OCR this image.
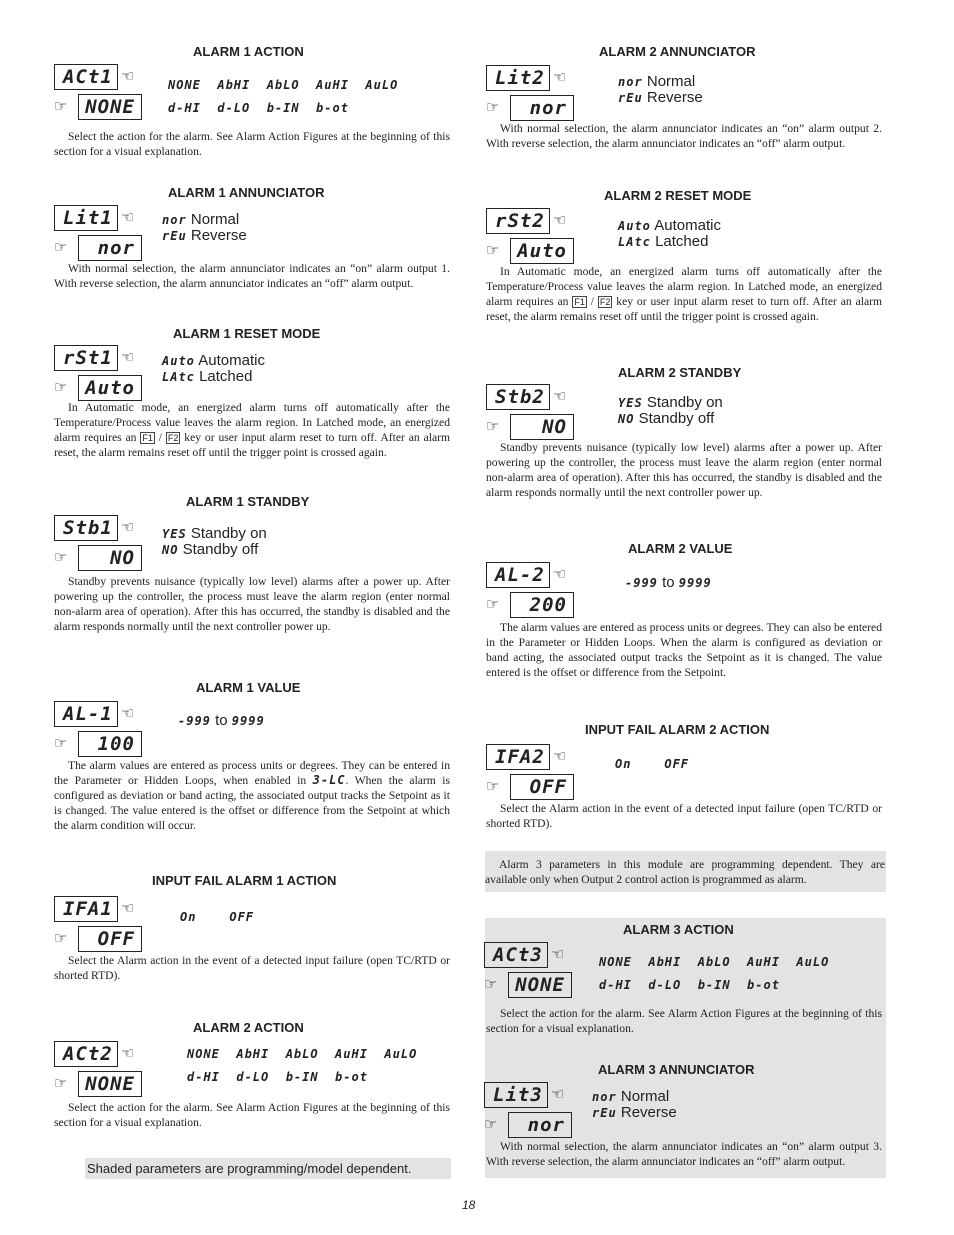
ALARM 1 ACTION
ACt1 ☜
☞ NONE
NONE  AbHI  AbLO  AuHI  AuLO
d-HI  d-LO  b-IN  b-ot
Select the action for the alarm. See Alarm Action Figures at the beginning of this section for a visual explanation.
ALARM 1 ANNUNCIATOR
Lit1 ☜
☞	nor
nor Normal
rEu Reverse
With normal selection, the alarm annunciator indicates an “on” alarm output 1. With reverse selection, the alarm annunciator indicates an “off” alarm output.
ALARM 1 RESET MODE
rSt1 ☜
☞ Auto
Auto Automatic
LAtc Latched
In Automatic mode, an energized alarm turns off automatically after the Temperature/Process value leaves the alarm region. In Latched mode, an energized alarm requires an F1 / F2 key or user input alarm reset to turn off. After an alarm reset, the alarm remains reset off until the trigger point is crossed again.
ALARM 1 STANDBY
Stb1 ☜
☞	NO
YES Standby on
NO Standby off
Standby prevents nuisance (typically low level) alarms after a power up. After powering up the controller, the process must leave the alarm region (enter normal non-alarm area of operation). After this has occurred, the standby is disabled and the alarm responds normally until the next controller power up.
ALARM 1 VALUE
AL-1 ☜
☞	100
-999 to 9999
The alarm values are entered as process units or degrees. They can be entered in the Parameter or Hidden Loops, when enabled in 3-LC. When the alarm is configured as deviation or band acting, the associated output tracks the Setpoint as it is changed. The value entered is the offset or difference from the Setpoint at which the alarm condition will occur.
INPUT FAIL ALARM 1 ACTION
IFA1 ☜
☞	OFF
On    OFF
Select the Alarm action in the event of a detected input failure (open TC/RTD or shorted RTD).
ALARM 2 ACTION
ACt2 ☜
☞ NONE
NONE  AbHI  AbLO  AuHI  AuLO
d-HI  d-LO  b-IN  b-ot
Select the action for the alarm. See Alarm Action Figures at the beginning of this section for a visual explanation.
Shaded parameters are programming/model dependent.
ALARM 2 ANNUNCIATOR
Lit2 ☜
☞	nor
nor Normal
rEu Reverse
With normal selection, the alarm annunciator indicates an “on” alarm output 2. With reverse selection, the alarm annunciator indicates an “off” alarm output.
ALARM 2 RESET MODE
rSt2 ☜
☞ Auto
Auto Automatic
LAtc Latched
In Automatic mode, an energized alarm turns off automatically after the Temperature/Process value leaves the alarm region. In Latched mode, an energized alarm requires an F1 / F2 key or user input alarm reset to turn off. After an alarm reset, the alarm remains reset off until the trigger point is crossed again.
ALARM 2 STANDBY
Stb2 ☜
☞	NO
YES Standby on
NO Standby off
Standby prevents nuisance (typically low level) alarms after a power up. After powering up the controller, the process must leave the alarm region (enter normal non-alarm area of operation). After this has occurred, the standby is disabled and the alarm responds normally until the next controller power up.
ALARM 2 VALUE
AL-2 ☜
☞	200
-999 to 9999
The alarm values are entered as process units or degrees. They can also be entered in the Parameter or Hidden Loops. When the alarm is configured as deviation or band acting, the associated output tracks the Setpoint as it is changed. The value entered is the offset or difference from the Setpoint.
INPUT FAIL ALARM 2 ACTION
IFA2 ☜
☞	OFF
On    OFF
Select the Alarm action in the event of a detected input failure (open TC/RTD or shorted RTD).
Alarm 3 parameters in this module are programming dependent. They are available only when Output 2 control action is programmed as alarm.
ALARM 3 ACTION
ACt3 ☜
☞ NONE
NONE  AbHI  AbLO  AuHI  AuLO
d-HI  d-LO  b-IN  b-ot
Select the action for the alarm. See Alarm Action Figures at the beginning of this section for a visual explanation.
ALARM 3 ANNUNCIATOR
Lit3 ☜
☞	nor
nor Normal
rEu Reverse
With normal selection, the alarm annunciator indicates an “on” alarm output 3. With reverse selection, the alarm annunciator indicates an “off” alarm output.
18
